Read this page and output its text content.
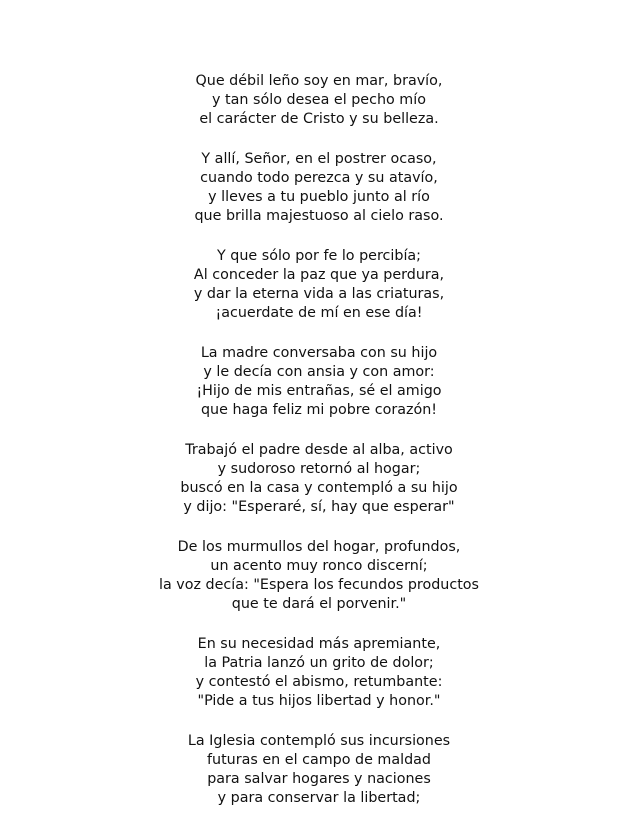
Que débil leño soy en mar, bravío,
y tan sólo desea el pecho mío
el carácter de Cristo y su belleza.
Y allí, Señor, en el postrer ocaso,
cuando todo perezca y su atavío,
y lleves a tu pueblo junto al río
que brilla majestuoso al cielo raso.
Y que sólo por fe lo percibía;
Al conceder la paz que ya perdura,
y dar la eterna vida a las criaturas,
¡acuerdate de mí en ese día!
La madre conversaba con su hijo
y le decía con ansia y con amor:
¡Hijo de mis entrañas, sé el amigo
que haga feliz mi pobre corazón!
Trabajó el padre desde al alba, activo
y sudoroso retornó al hogar;
buscó en la casa y contempló a su hijo
y dijo: "Esperaré, sí, hay que esperar"
De los murmullos del hogar, profundos,
un acento muy ronco discerní;
la voz decía: "Espera los fecundos productos
que te dará el porvenir."
En su necesidad más apremiante,
la Patria lanzó un grito de dolor;
y contestó el abismo, retumbante:
"Pide a tus hijos libertad y honor."
La Iglesia contempló sus incursiones
futuras en el campo de maldad
para salvar hogares y naciones
y para conservar la libertad;
